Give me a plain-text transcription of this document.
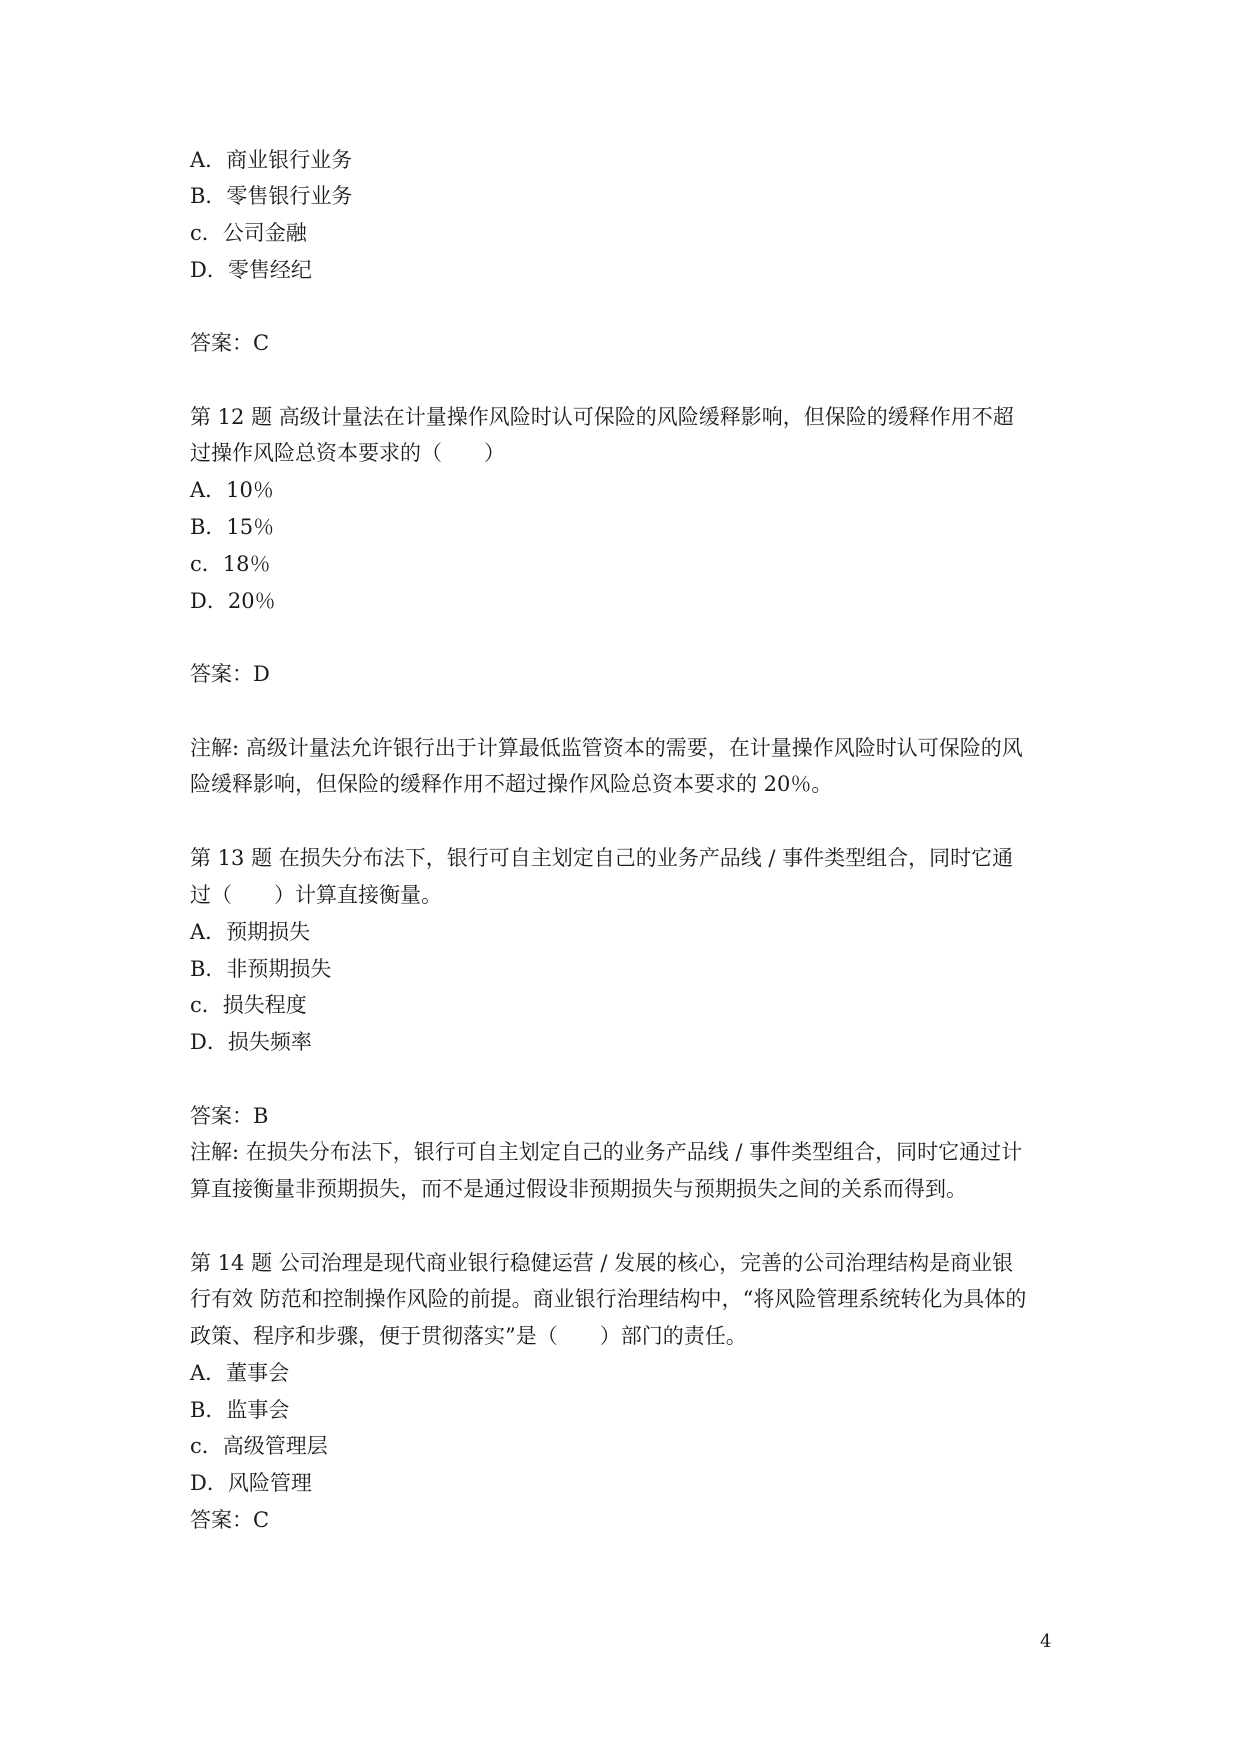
A．商业银行业务
B．零售银行业务
c．公司金融
D．零售经纪
答案：C
第 12 题 高级计量法在计量操作风险时认可保险的风险缓释影响，但保险的缓释作用不超
过操作风险总资本要求的（　　）
A．10％
B．15％
c．18％
D．20％
答案：D
注解: 高级计量法允许银行出于计算最低监管资本的需要，在计量操作风险时认可保险的风
险缓释影响，但保险的缓释作用不超过操作风险总资本要求的 20％。
第 13 题 在损失分布法下，银行可自主划定自己的业务产品线 / 事件类型组合，同时它通
过（　　）计算直接衡量。
A．预期损失
B．非预期损失
c．损失程度
D．损失频率
答案：B
注解: 在损失分布法下，银行可自主划定自己的业务产品线 / 事件类型组合，同时它通过计
算直接衡量非预期损失，而不是通过假设非预期损失与预期损失之间的关系而得到。
第 14 题 公司治理是现代商业银行稳健运营 / 发展的核心，完善的公司治理结构是商业银
行有效 防范和控制操作风险的前提。商业银行治理结构中，“将风险管理系统转化为具体的
政策、程序和步骤，便于贯彻落实”是（　　）部门的责任。
A．董事会
B．监事会
c．高级管理层
D．风险管理
答案：C
4
